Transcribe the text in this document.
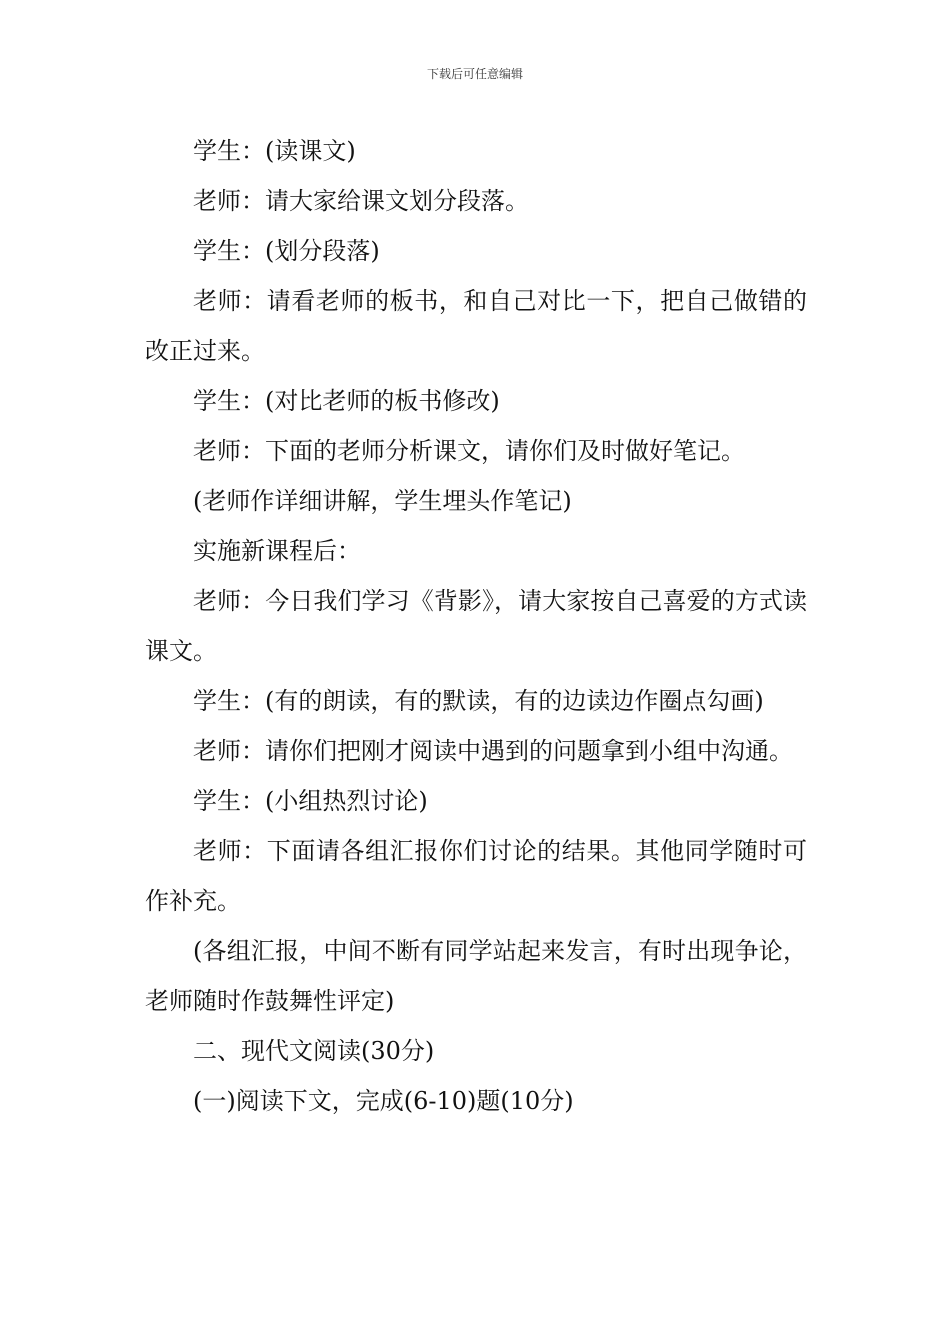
下载后可任意编辑

学生：(读课文)

老师：请大家给课文划分段落。

学生：(划分段落)

老师：请看老师的板书，和自己对比一下，把自己做错的改正过来。

学生：(对比老师的板书修改)

老师：下面的老师分析课文，请你们及时做好笔记。

(老师作详细讲解，学生埋头作笔记)

实施新课程后：

老师：今日我们学习《背影》，请大家按自己喜爱的方式读课文。

学生：(有的朗读，有的默读，有的边读边作圈点勾画)

老师：请你们把刚才阅读中遇到的问题拿到小组中沟通。

学生：(小组热烈讨论)

老师：下面请各组汇报你们讨论的结果。其他同学随时可作补充。

(各组汇报，中间不断有同学站起来发言，有时出现争论，老师随时作鼓舞性评定)

二、现代文阅读(30分)

(一)阅读下文，完成(6-10)题(10分)
